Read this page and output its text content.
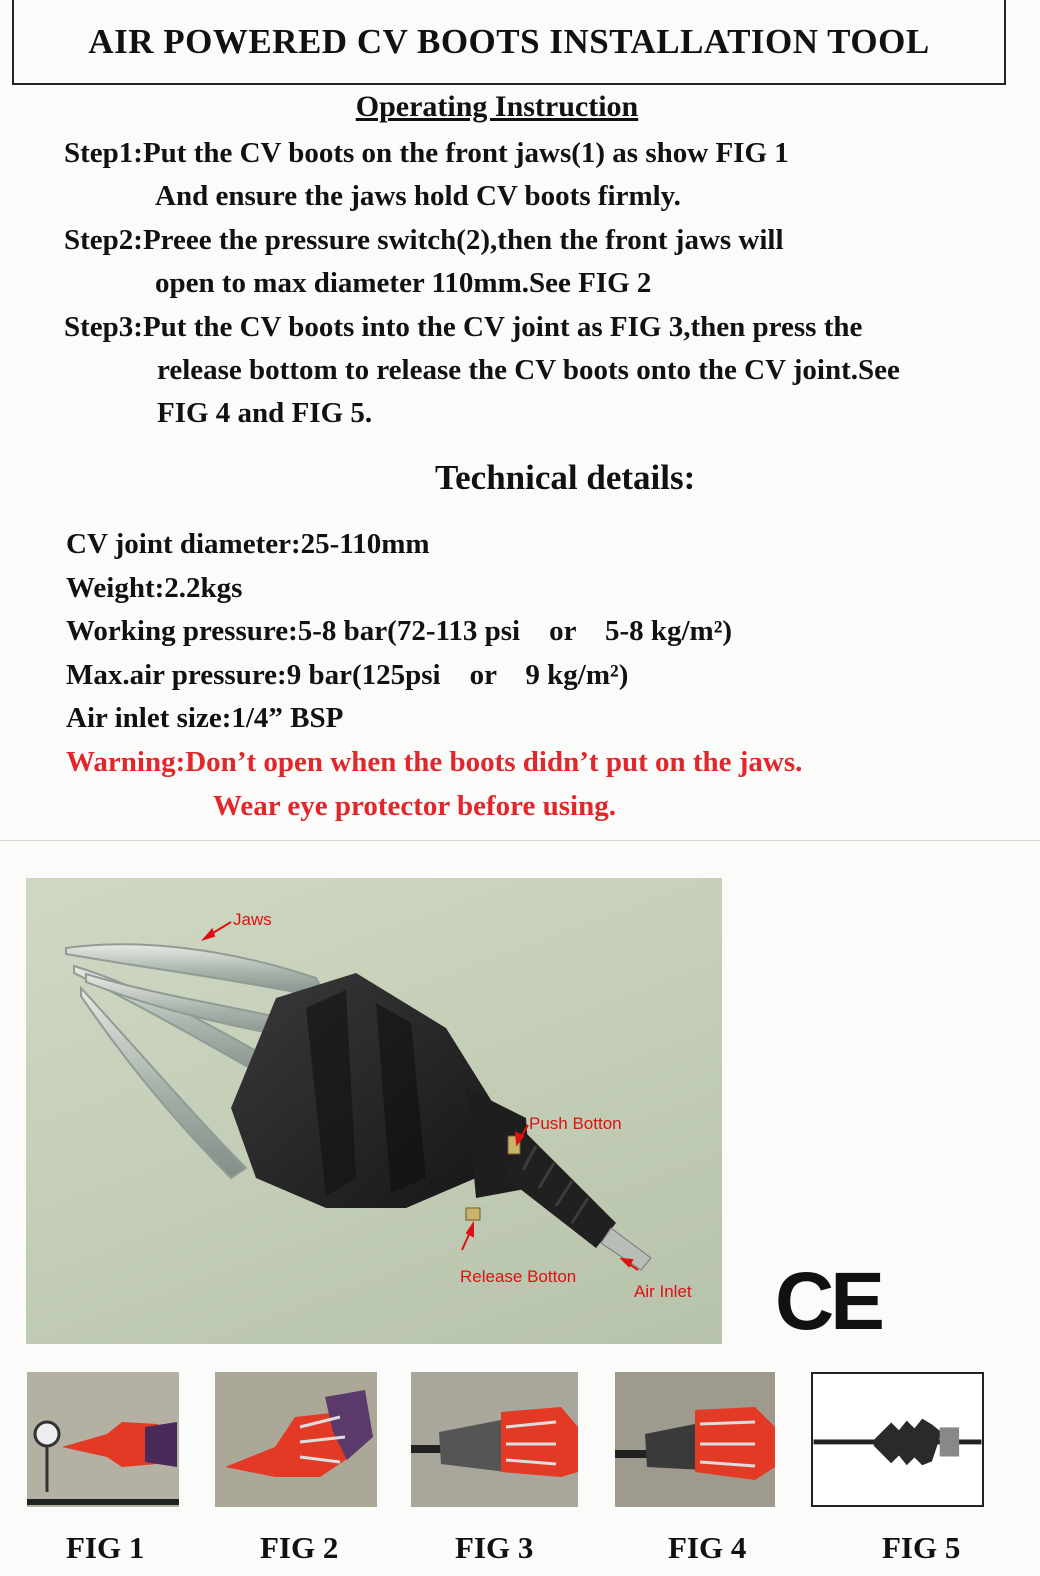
AIR POWERED CV BOOTS INSTALLATION TOOL
Operating Instruction
Step1:Put the CV boots on the front jaws(1) as show FIG 1
And ensure the jaws hold CV boots firmly.
Step2:Preee the pressure switch(2),then the front jaws will
open to max diameter 110mm.See FIG 2
Step3:Put the CV boots into the CV joint as FIG 3,then press the
release bottom to release the CV boots onto the CV joint.See
FIG 4 and FIG 5.
Technical details:
CV joint diameter:25-110mm
Weight:2.2kgs
Working pressure:5-8 bar(72-113 psi    or    5-8 kg/m²)
Max.air pressure:9 bar(125psi    or    9 kg/m²)
Air inlet size:1/4” BSP
Warning:Don’t open when the boots didn’t put on the jaws.
Wear eye protector before using.
Jaws
Push Botton
Release Botton
Air Inlet CE
FIG 1	FIG 2	FIG 3	FIG 4	FIG 5
